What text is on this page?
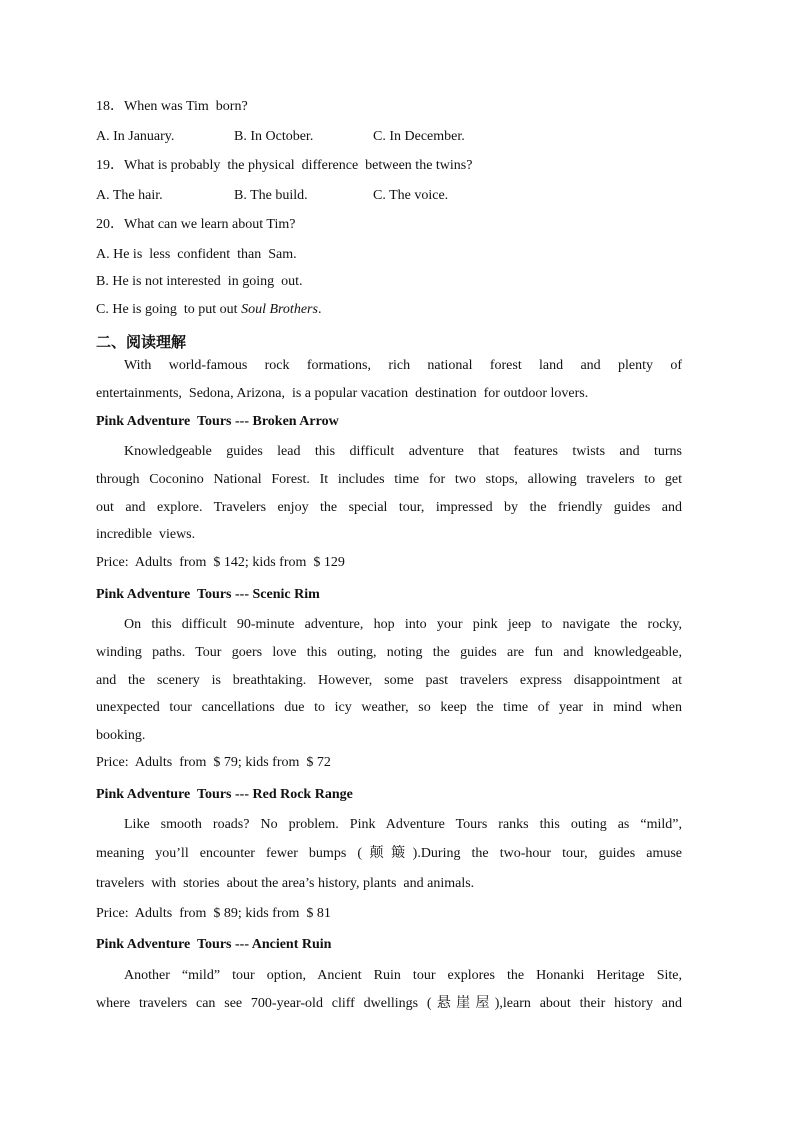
18．When was Tim  born?
A. In January.	B. In October.	C. In December.
19．What is probably  the physical  difference  between the twins?
A. The hair.	B. The build.	C. The voice.
20．What can we learn about Tim?
A. He is  less  confident  than  Sam.
B. He is not interested  in going  out.
C. He is going  to put out Soul Brothers.
二、阅读理解
With world-famous rock formations, rich national forest land and plenty of
entertainments,  Sedona, Arizona,  is a popular vacation  destination  for outdoor lovers.
Pink Adventure  Tours --- Broken Arrow
Knowledgeable guides lead this difficult adventure that features twists and turns
through Coconino National Forest. It includes time for two stops, allowing travelers to get
out and explore. Travelers enjoy the special tour, impressed by the friendly guides and
incredible  views.
Price:  Adults  from  $ 142; kids from  $ 129
Pink Adventure  Tours --- Scenic Rim
On this difficult 90-minute adventure, hop into your pink jeep to navigate the rocky,
winding paths. Tour goers love this outing, noting the guides are fun and knowledgeable,
and the scenery is breathtaking. However, some past travelers express disappointment at
unexpected tour cancellations due to icy weather, so keep the time of year in mind when
booking.
Price:  Adults  from  $ 79; kids from  $ 72
Pink Adventure  Tours --- Red Rock Range
Like smooth roads? No problem. Pink Adventure Tours ranks this outing as “mild”,
meaning you’ll encounter fewer bumps (颠簸).During the two-hour tour, guides amuse
travelers  with  stories  about the area’s history, plants  and animals.
Price:  Adults  from  $ 89; kids from  $ 81
Pink Adventure  Tours --- Ancient Ruin
Another “mild” tour option, Ancient Ruin tour explores the Honanki Heritage Site,
where travelers can see 700-year-old cliff dwellings (悬崖屋),learn about their history and
